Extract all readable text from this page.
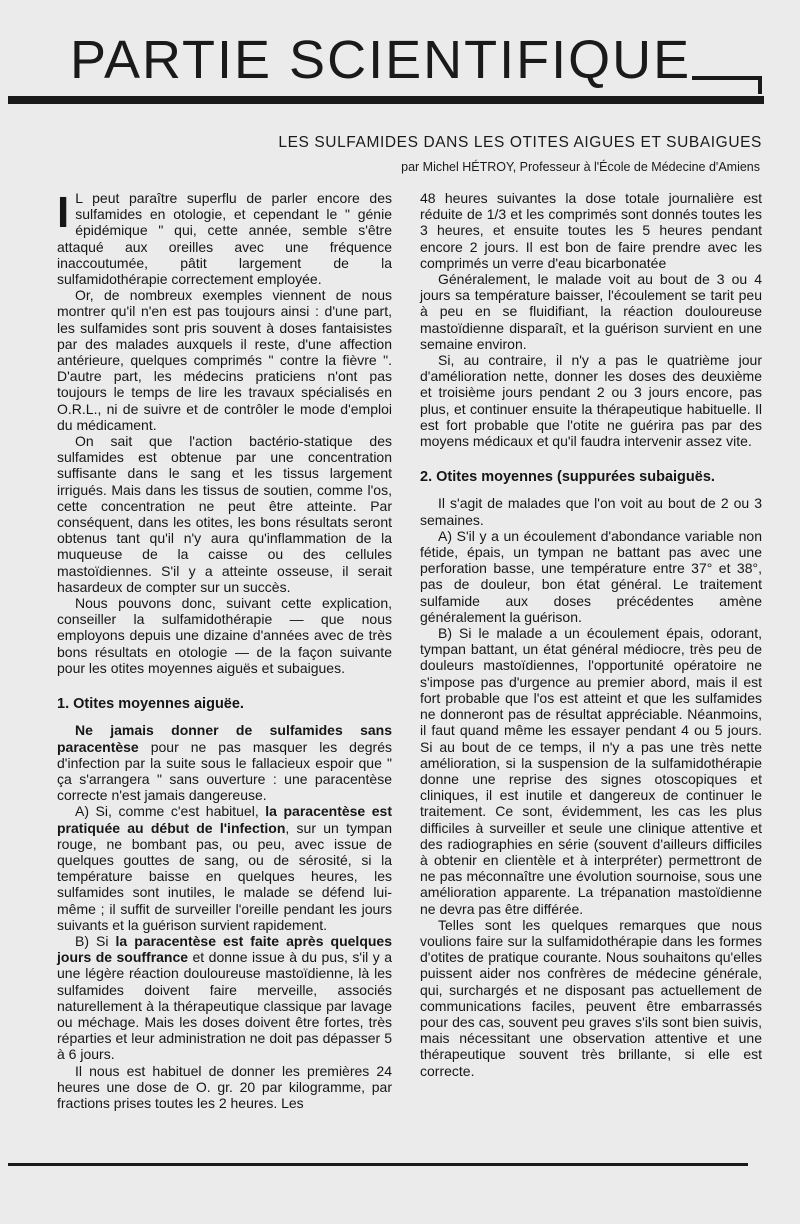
PARTIE SCIENTIFIQUE
LES SULFAMIDES DANS LES OTITES AIGUES ET SUBAIGUES
par Michel HÉTROY, Professeur à l'École de Médecine d'Amiens

I L peut paraître superflu de parler encore des sulfamides en otologie, et cependant le " génie épidémique " qui, cette année, semble s'être attaqué aux oreilles avec une fréquence inaccoutumée, pâtit largement de la sulfamidothérapie correctement employée.

Or, de nombreux exemples viennent de nous montrer qu'il n'en est pas toujours ainsi : d'une part, les sulfamides sont pris souvent à doses fantaisistes par des malades auxquels il reste, d'une affection antérieure, quelques comprimés " contre la fièvre ". D'autre part, les médecins praticiens n'ont pas toujours le temps de lire les travaux spécialisés en O.R.L., ni de suivre et de contrôler le mode d'emploi du médicament.

On sait que l'action bactério-statique des sulfamides est obtenue par une concentration suffisante dans le sang et les tissus largement irrigués. Mais dans les tissus de soutien, comme l'os, cette concentration ne peut être atteinte. Par conséquent, dans les otites, les bons résultats seront obtenus tant qu'il n'y aura qu'inflammation de la muqueuse de la caisse ou des cellules mastoïdiennes. S'il y a atteinte osseuse, il serait hasardeux de compter sur un succès.

Nous pouvons donc, suivant cette explication, conseiller la sulfamidothérapie — que nous employons depuis une dizaine d'années avec de très bons résultats en otologie — de la façon suivante pour les otites moyennes aiguës et subaigues.

1. Otites moyennes aiguëe.

Ne jamais donner de sulfamides sans paracentèse pour ne pas masquer les degrés d'infection par la suite sous le fallacieux espoir que " ça s'arrangera " sans ouverture : une paracentèse correcte n'est jamais dangereuse.

A) Si, comme c'est habituel, la paracentèse est pratiquée au début de l'infection, sur un tympan rouge, ne bombant pas, ou peu, avec issue de quelques gouttes de sang, ou de sérosité, si la température baisse en quelques heures, les sulfamides sont inutiles, le malade se défend lui-même ; il suffit de surveiller l'oreille pendant les jours suivants et la guérison survient rapidement.

B) Si la paracentèse est faite après quelques jours de souffrance et donne issue à du pus, s'il y a une légère réaction douloureuse mastoïdienne, là les sulfamides doivent faire merveille, associés naturellement à la thérapeutique classique par lavage ou méchage. Mais les doses doivent être fortes, très réparties et leur administration ne doit pas dépasser 5 à 6 jours.

Il nous est habituel de donner les premières 24 heures une dose de O. gr. 20 par kilogramme, par fractions prises toutes les 2 heures. Les

48 heures suivantes la dose totale journalière est réduite de 1/3 et les comprimés sont donnés toutes les 3 heures, et ensuite toutes les 5 heures pendant encore 2 jours. Il est bon de faire prendre avec les comprimés un verre d'eau bicarbonatée

Généralement, le malade voit au bout de 3 ou 4 jours sa température baisser, l'écoulement se tarit peu à peu en se fluidifiant, la réaction douloureuse mastoïdienne disparaît, et la guérison survient en une semaine environ.

Si, au contraire, il n'y a pas le quatrième jour d'amélioration nette, donner les doses des deuxième et troisième jours pendant 2 ou 3 jours encore, pas plus, et continuer ensuite la thérapeutique habituelle. Il est fort probable que l'otite ne guérira pas par des moyens médicaux et qu'il faudra intervenir assez vite.

2. Otites moyennes (suppurées subaiguës.

Il s'agit de malades que l'on voit au bout de 2 ou 3 semaines.

A) S'il y a un écoulement d'abondance variable non fétide, épais, un tympan ne battant pas avec une perforation basse, une température entre 37° et 38°, pas de douleur, bon état général. Le traitement sulfamide aux doses précédentes amène généralement la guérison.

B) Si le malade a un écoulement épais, odorant, tympan battant, un état général médiocre, très peu de douleurs mastoïdiennes, l'opportunité opératoire ne s'impose pas d'urgence au premier abord, mais il est fort probable que l'os est atteint et que les sulfamides ne donneront pas de résultat appréciable. Néanmoins, il faut quand même les essayer pendant 4 ou 5 jours. Si au bout de ce temps, il n'y a pas une très nette amélioration, si la suspension de la sulfamidothérapie donne une reprise des signes otoscopiques et cliniques, il est inutile et dangereux de continuer le traitement. Ce sont, évidemment, les cas les plus difficiles à surveiller et seule une clinique attentive et des radiographies en série (souvent d'ailleurs difficiles à obtenir en clientèle et à interpréter) permettront de ne pas méconnaître une évolution sournoise, sous une amélioration apparente. La trépanation mastoïdienne ne devra pas être différée.

Telles sont les quelques remarques que nous voulions faire sur la sulfamidothérapie dans les formes d'otites de pratique courante. Nous souhaitons qu'elles puissent aider nos confrères de médecine générale, qui, surchargés et ne disposant pas actuellement de communications faciles, peuvent être embarrassés pour des cas, souvent peu graves s'ils sont bien suivis, mais nécessitant une observation attentive et une thérapeutique souvent très brillante, si elle est correcte.
